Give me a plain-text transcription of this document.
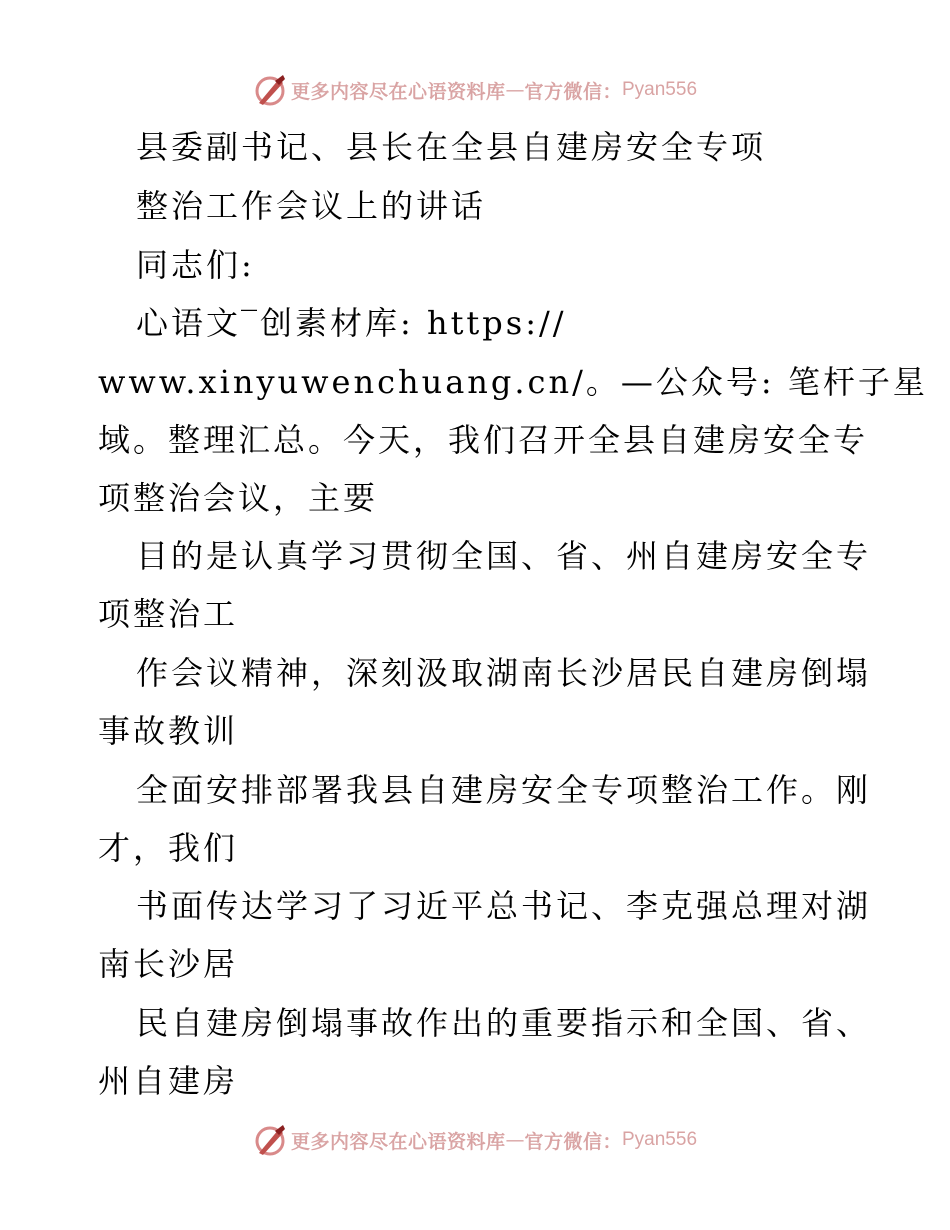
更多内容尽在心语资料库 — 官方微信： Pyan556
县委副书记、县长在全县自建房安全专项
整治工作会议上的讲话
同志们:
心语文‾创素材库: https://
www.xinyuwenchuang.cn/。—公众号: 笔杆子星
域。整理汇总。今天，我们召开全县自建房安全专
项整治会议，主要
目的是认真学习贯彻全国、省、州自建房安全专
项整治工
作会议精神，深刻汲取湖南长沙居民自建房倒塌
事故教训
全面安排部署我县自建房安全专项整治工作。刚
才，我们
书面传达学习了习近平总书记、李克强总理对湖
南长沙居
民自建房倒塌事故作出的重要指示和全国、省、
州自建房
更多内容尽在心语资料库 — 官方微信： Pyan556
